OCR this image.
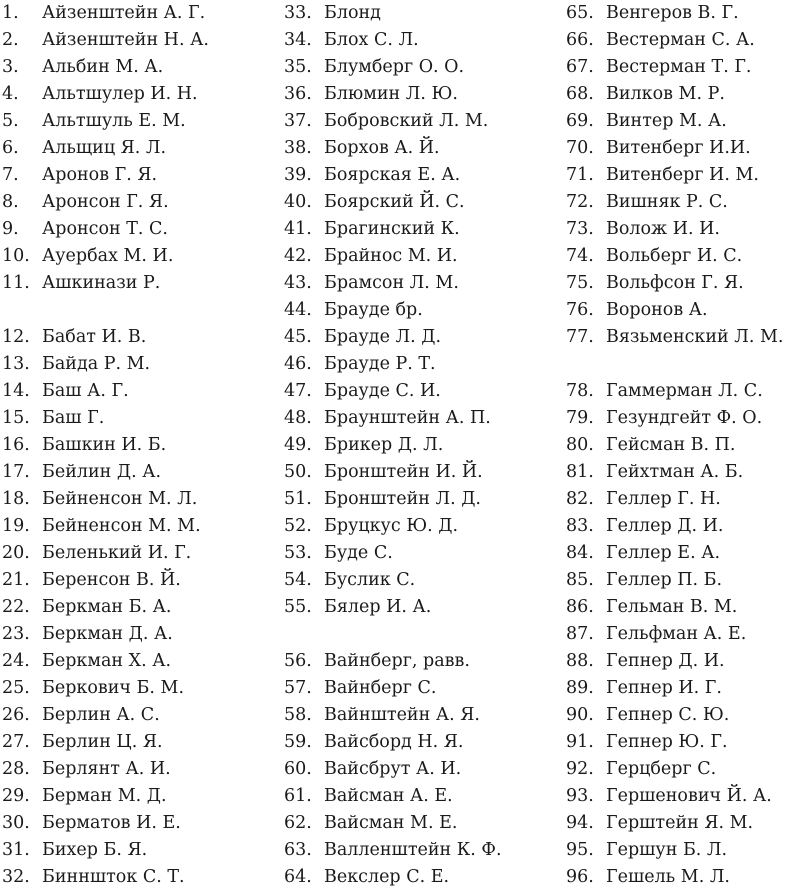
1. Айзенштейн А. Г.
2. Айзенштейн Н. А.
3. Альбин М. А.
4. Альтшулер И. Н.
5. Альтшуль Е. М.
6. Альщиц Я. Л.
7. Аронов Г. Я.
8. Аронсон Г. Я.
9. Аронсон Т. С.
10. Ауербах М. И.
11. Ашкинази Р.
12. Бабат И. В.
13. Байда Р. М.
14. Баш А. Г.
15. Баш Г.
16. Башкин И. Б.
17. Бейлин Д. А.
18. Бейненсон М. Л.
19. Бейненсон М. М.
20. Беленький И. Г.
21. Беренсон В. Й.
22. Беркман Б. А.
23. Беркман Д. А.
24. Беркман Х. А.
25. Беркович Б. М.
26. Берлин А. С.
27. Берлин Ц. Я.
28. Берлянт А. И.
29. Берман М. Д.
30. Берматов И. Е.
31. Бихер Б. Я.
32. Бинншток С. Т.
33. Блонд
34. Блох С. Л.
35. Блумберг О. О.
36. Блюмин Л. Ю.
37. Бобровский Л. М.
38. Борхов А. Й.
39. Боярская Е. А.
40. Боярский Й. С.
41. Брагинский К.
42. Брайнос М. И.
43. Брамсон Л. М.
44. Брауде бр.
45. Брауде Л. Д.
46. Брауде Р. Т.
47. Брауде С. И.
48. Браунштейн А. П.
49. Брикер Д. Л.
50. Бронштейн И. Й.
51. Бронштейн Л. Д.
52. Бруцкус Ю. Д.
53. Буде С.
54. Буслик С.
55. Бялер И. А.
56. Вайнберг, равв.
57. Вайнберг С.
58. Вайнштейн А. Я.
59. Вайсборд Н. Я.
60. Вайсбрут А. И.
61. Вайсман А. Е.
62. Вайсман М. Е.
63. Валленштейн К. Ф.
64. Векслер С. Е.
65. Венгеров В. Г.
66. Вестерман С. А.
67. Вестерман Т. Г.
68. Вилков М. Р.
69. Винтер М. А.
70. Витенберг И.И.
71. Витенберг И. М.
72. Вишняк Р. С.
73. Волож И. И.
74. Вольберг И. С.
75. Вольфсон Г. Я.
76. Воронов А.
77. Вязьменский Л. М.
78. Гаммерман Л. С.
79. Гезундгейт Ф. О.
80. Гейсман В. П.
81. Гейхтман А. Б.
82. Геллер Г. Н.
83. Геллер Д. И.
84. Геллер Е. А.
85. Геллер П. Б.
86. Гельман В. М.
87. Гельфман А. Е.
88. Гепнер Д. И.
89. Гепнер И. Г.
90. Гепнер С. Ю.
91. Гепнер Ю. Г.
92. Герцберг С.
93. Гершенович Й. А.
94. Герштейн Я. М.
95. Гершун Б. Л.
96. Гешель М. Л.
